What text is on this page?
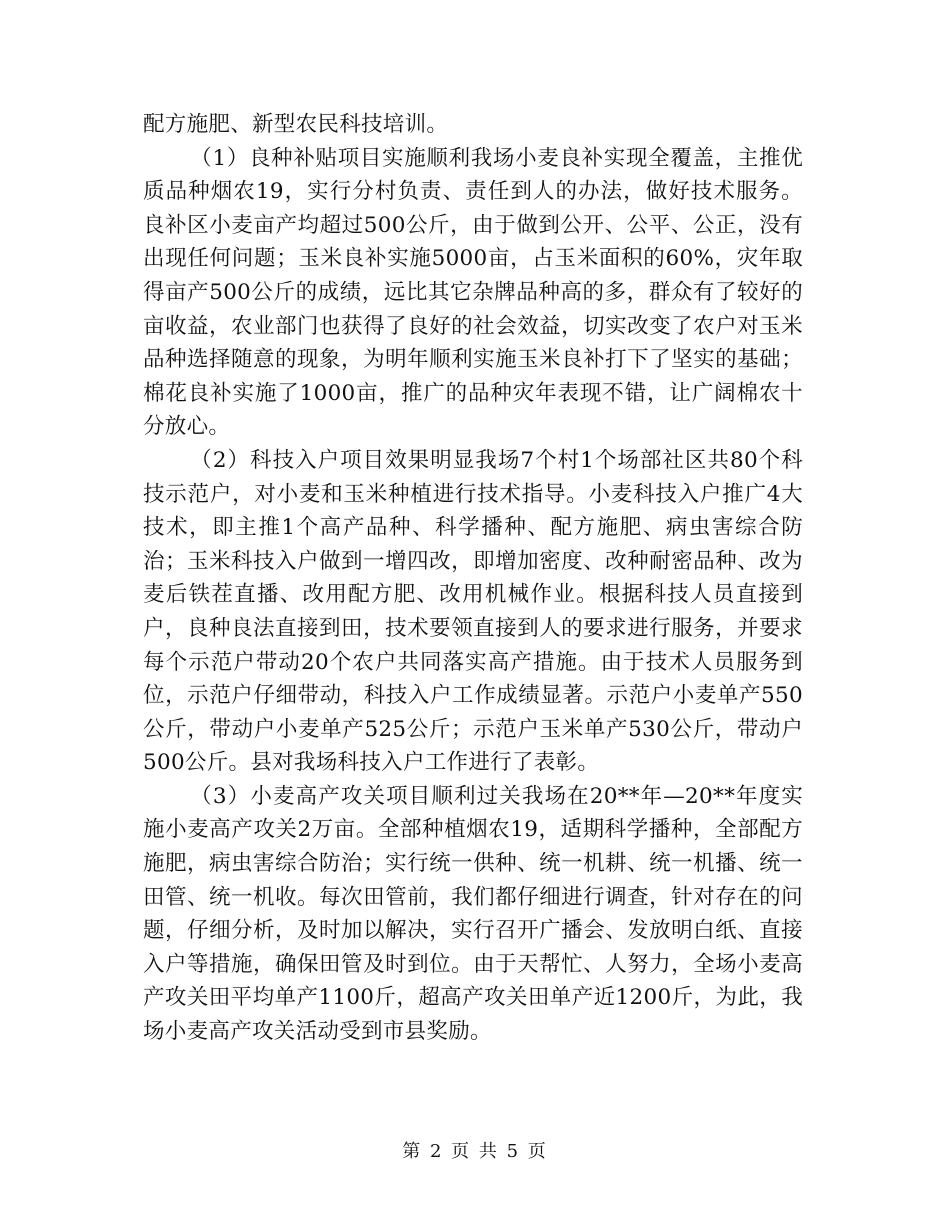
配方施肥、新型农民科技培训。

（1）良种补贴项目实施顺利我场小麦良补实现全覆盖，主推优质品种烟农19，实行分村负责、责任到人的办法，做好技术服务。良补区小麦亩产均超过500公斤，由于做到公开、公平、公正，没有出现任何问题；玉米良补实施5000亩，占玉米面积的60%，灾年取得亩产500公斤的成绩，远比其它杂牌品种高的多，群众有了较好的亩收益，农业部门也获得了良好的社会效益，切实改变了农户对玉米品种选择随意的现象，为明年顺利实施玉米良补打下了坚实的基础；棉花良补实施了1000亩，推广的品种灾年表现不错，让广阔棉农十分放心。

（2）科技入户项目效果明显我场7个村1个场部社区共80个科技示范户，对小麦和玉米种植进行技术指导。小麦科技入户推广4大技术，即主推1个高产品种、科学播种、配方施肥、病虫害综合防治；玉米科技入户做到一增四改，即增加密度、改种耐密品种、改为麦后铁茬直播、改用配方肥、改用机械作业。根据科技人员直接到户，良种良法直接到田，技术要领直接到人的要求进行服务，并要求每个示范户带动20个农户共同落实高产措施。由于技术人员服务到位，示范户仔细带动，科技入户工作成绩显著。示范户小麦单产550公斤，带动户小麦单产525公斤；示范户玉米单产530公斤，带动户500公斤。县对我场科技入户工作进行了表彰。

（3）小麦高产攻关项目顺利过关我场在20**年—20**年度实施小麦高产攻关2万亩。全部种植烟农19，适期科学播种，全部配方施肥，病虫害综合防治；实行统一供种、统一机耕、统一机播、统一田管、统一机收。每次田管前，我们都仔细进行调查，针对存在的问题，仔细分析，及时加以解决，实行召开广播会、发放明白纸、直接入户等措施，确保田管及时到位。由于天帮忙、人努力，全场小麦高产攻关田平均单产1100斤，超高产攻关田单产近1200斤，为此，我场小麦高产攻关活动受到市县奖励。

第 2 页 共 5 页
